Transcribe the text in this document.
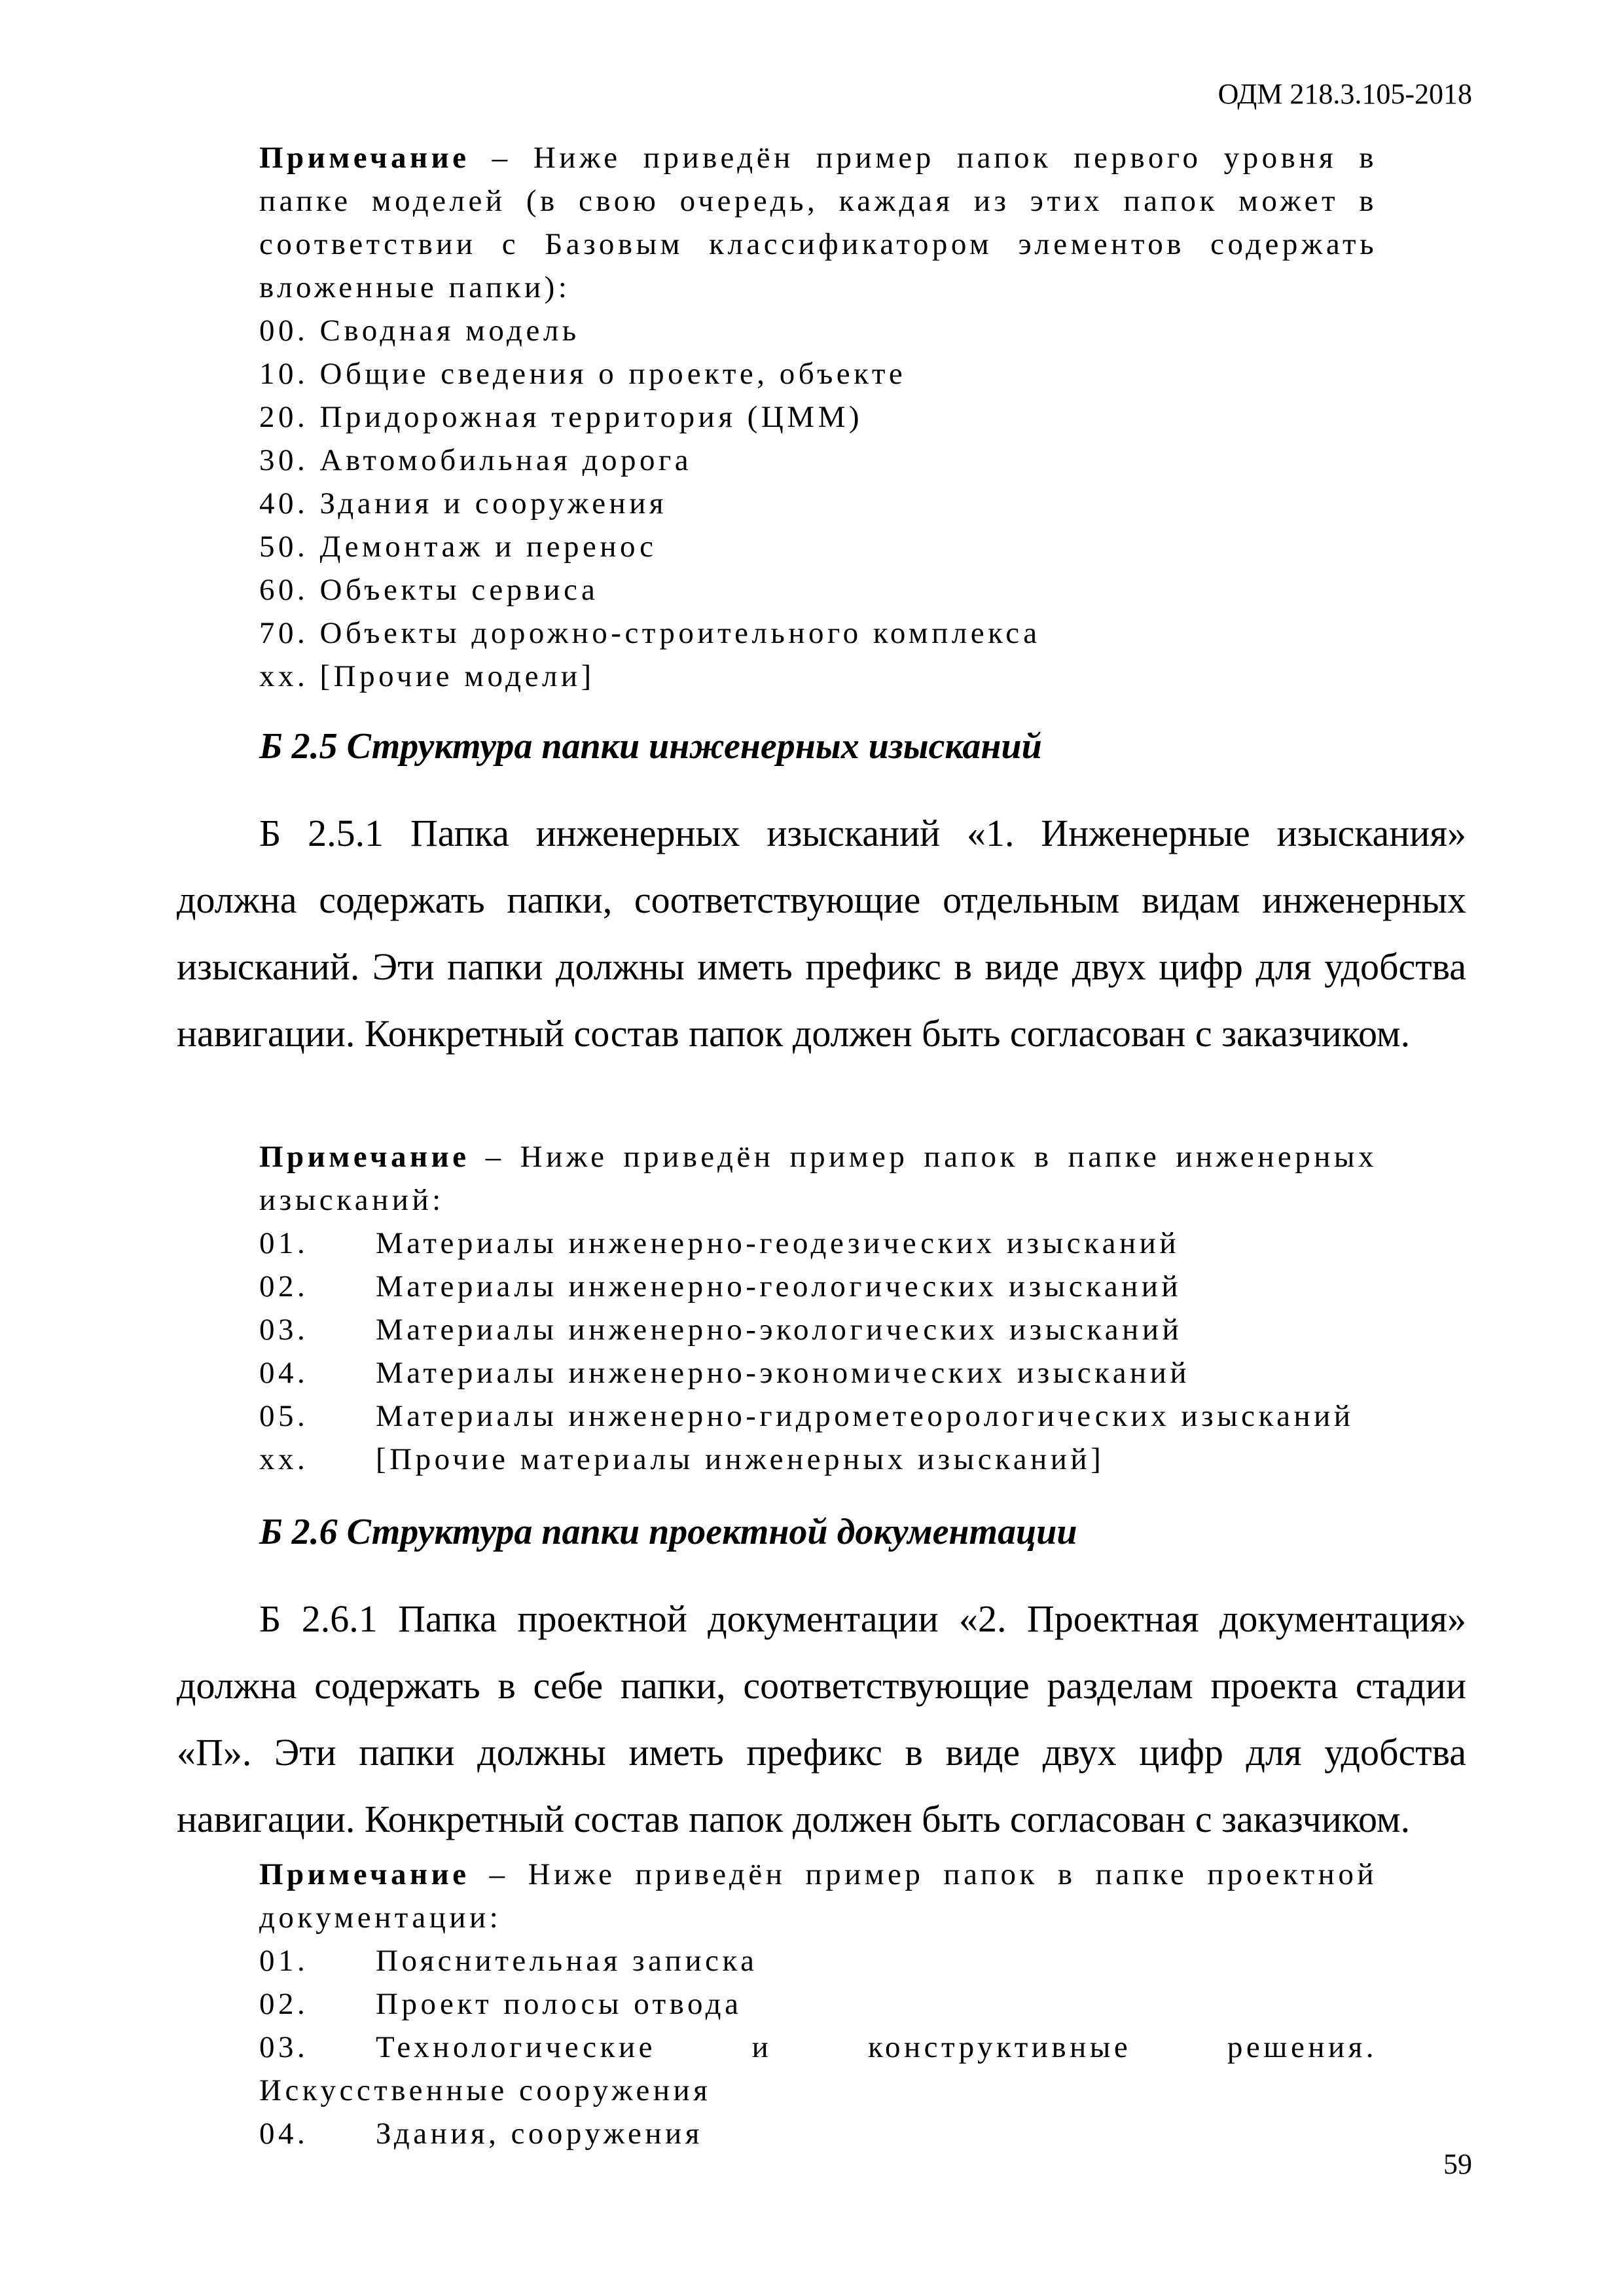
ОДМ 218.3.105-2018
Примечание – Ниже приведён пример папок первого уровня в папке моделей (в свою очередь, каждая из этих папок может в соответствии с Базовым классификатором элементов содержать вложенные папки):
00. Сводная модель
10. Общие сведения о проекте, объекте
20. Придорожная территория (ЦММ)
30. Автомобильная дорога
40. Здания и сооружения
50. Демонтаж и перенос
60. Объекты сервиса
70. Объекты дорожно-строительного комплекса
xx. [Прочие модели]
Б 2.5 Структура папки инженерных изысканий
Б 2.5.1 Папка инженерных изысканий «1. Инженерные изыскания» должна содержать папки, соответствующие отдельным видам инженерных изысканий. Эти папки должны иметь префикс в виде двух цифр для удобства навигации. Конкретный состав папок должен быть согласован с заказчиком.
Примечание – Ниже приведён пример папок в папке инженерных изысканий:
01. Материалы инженерно-геодезических изысканий
02. Материалы инженерно-геологических изысканий
03. Материалы инженерно-экологических изысканий
04. Материалы инженерно-экономических изысканий
05. Материалы инженерно-гидрометеорологических изысканий
xx. [Прочие материалы инженерных изысканий]
Б 2.6 Структура папки проектной документации
Б 2.6.1 Папка проектной документации «2. Проектная документация» должна содержать в себе папки, соответствующие разделам проекта стадии «П». Эти папки должны иметь префикс в виде двух цифр для удобства навигации. Конкретный состав папок должен быть согласован с заказчиком.
Примечание – Ниже приведён пример папок в папке проектной документации:
01. Пояснительная записка
02. Проект полосы отвода
03. Технологические и конструктивные решения.
Искусственные сооружения
04. Здания, сооружения
59
